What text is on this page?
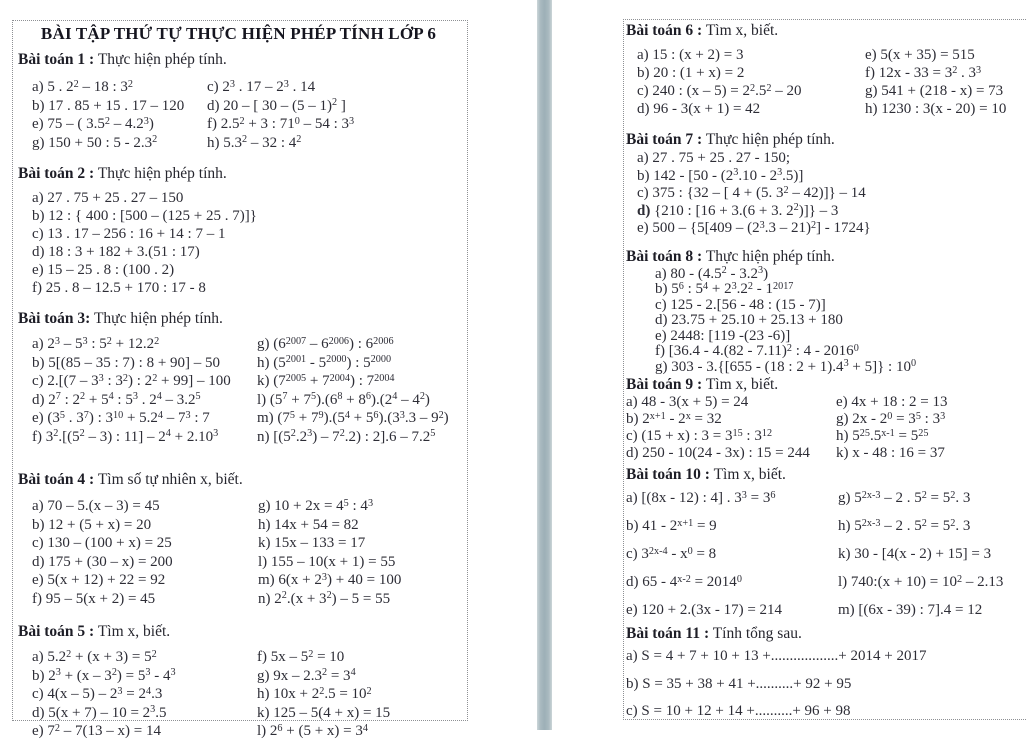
BÀI TẬP THỨ TỰ THỰC HIỆN PHÉP TÍNH LỚP 6
Bài toán 1 : Thực hiện phép tính.
a) 5 . $2^2 - 18$ : $3^2$
b) 17 . 85 + 15 . 17 – 120
e) 75 – ( $3.5^2 - 4.2^3$)
g) 150 + 50 : $5 - 2.3^2$
c) $2^3$ . $17 - 2^3$ . 14
d) 20 – [ 30 – (5 – 1)$^2$ ]
f) $2.5^2 + 3$ : $71^0 - 54$ : $3^3$
h) $5.3^2 - 32$ : $4^2$
Bài toán 2 : Thực hiện phép tính.
a) 27 . 75 + 25 . 27 – 150
b) 12 : { 400 : [500 – (125 + 25 . 7)]}
c) 13 . 17 – 256 : 16 + 14 : 7 – 1
d) 18 : 3 + 182 + 3.(51 : 17)
e) 15 – 25 . 8 : (100 . 2)
f) 25 . 8 – 12.5 + 170 : 17 - 8
Bài toán 3: Thực hiện phép tính.
a) $2^3 - 5^3$ : $5^2 + 12.2^2$
b) 5[(85 – 35 : 7) : 8 + 90] – 50
c) $2.[(7 - 3^3$ : $3^2$) : $2^2 + 99] - 100$
d) $2^7$ : $2^2 + 5^4$ : $5^3$ . $2^4 - 3.2^5$
e) ($3^5$ . $3^7$) : $3^{10} + 5.2^4 - 7^3$ : 7
f) $3^2.[(5^2 - 3)$ : $11] - 2^4 + 2.10^3$
g) $(6^{2007} - 6^{2006})$ : $6^{2006}$
h) $(5^{2001} - 5^{2000})$ : $5^{2000}$
k) $(7^{2005} + 7^{2004})$ : $7^{2004}$
l) $(5^7 + 7^5).(6^8 + 8^6).(2^4 - 4^2)$
m) $(7^5 + 7^9).(5^4 + 5^6).(3^3.3 - 9^2)$
n) $[(5^2.2^3) - 7^2.2)$ : $2].6 - 7.2^5$
Bài toán 4 : Tìm số tự nhiên x, biết.
a) 70 – 5.(x – 3) = 45
b) 12 + (5 + x) = 20
c) 130 – (100 + x) = 25
d) 175 + (30 – x) = 200
e) 5(x + 12) + 22 = 92
f) 95 – 5(x + 2) = 45
g) $10 + 2x = 4^5$ : $4^3$
h) 14x + 54 = 82
k) 15x – 133 = 17
l) 155 – 10(x + 1) = 55
m) $6(x + 2^3) + 40 = 100$
n) $2^2.(x + 3^2) - 5 = 55$
Bài toán 5 : Tìm x, biết.
a) $5.2^2 + (x + 3) = 5^2$
b) $2^3 + (x - 3^2) = 5^3 - 4^3$
c) $4(x - 5) - 2^3 = 2^4.3$
d) $5(x + 7) - 10 = 2^3.5$
e) $7^2 - 7(13 - x) = 14$
f) $5x - 5^2 = 10$
g) $9x - 2.3^2 = 3^4$
h) $10x + 2^2.5 = 10^2$
k) 125 – 5(4 + x) = 15
l) $2^6 + (5 + x) = 3^4$
Bài toán 6 : Tìm x, biết.
a) 15 : (x + 2) = 3
b) 20 : (1 + x) = 2
c) 240 : $(x - 5) = 2^2.5^2 - 20$
d) 96 - 3(x + 1) = 42
e) 5(x + 35) = 515
f) $12x - 33 = 3^2$ . $3^3$
g) 541 + (218 - x) = 73
h) 1230 : 3(x - 20) = 10
Bài toán 7 : Thực hiện phép tính.
a) 27 . 75 + 25 . 27 - 150;
b) $142 - [50 - (2^3.10 - 2^3.5)]$
c) 375 : {32 – [ 4 + (5. $3^2 - 42)]\} - 14$
d) {210 : [16 + 3.(6 + 3. $2^2)]\} - 3$
e) $500 - \{5[409 - (2^3.3 - 21)^2] - 1724\}$
Bài toán 8 : Thực hiện phép tính.
a) $80 - (4.5^2 - 3.2^3)$
b) $5^6$ : $5^4 + 2^3.2^2 - 1^{2017}$
c) 125 - 2.[56 - 48 : (15 - 7)]
d) 23.75 + 25.10 + 25.13 + 180
e) 2448: [119 -(23 -6)]
f) [36.4 - 4.(82 - 7.11)$^2$ : 4 - 2016$^0$
g) 303 - 3.{[655 - (18 : $2 + 1).4^3 + 5$]} : $10^0$
Bài toán 9 : Tìm x, biết.
a) 48 - 3(x + 5) = 24
b) $2^{x+1} - 2^x = 32$
c) (15 + x) : $3 = 3^{15}$ : $3^{12}$
d) 250 - 10(24 - 3x) : 15 = 244
e) 4x + 18 : 2 = 13
g) $2x - 2^0 = 3^5$ : $3^3$
h) $5^{25}.5^{x-1} = 5^{25}$
k) x - 48 : 16 = 37
Bài toán 10 : Tìm x, biết.
a) [(8x - 12) : 4] . $3^3 = 3^6$
b) $41 - 2^{x+1} = 9$
c) $3^{2x-4} - x^0 = 8$
d) $65 - 4^{x-2} = 2014^0$
e) 120 + 2.(3x - 17) = 214
g) $5^{2x-3} - 2$ . $5^2 = 5^2$. 3
h) $5^{2x-3} - 2$ . $5^2 = 5^2$. 3
k) 30 - [4(x - 2) + 15] = 3
l) 740:(x + $10) = 10^2 - 2.13$
m) [(6x - 39) : 7].4 = 12
Bài toán 11 : Tính tổng sau.
a) S = 4 + 7 + 10 + 13 +..................+ 2014 + 2017
b) S = 35 + 38 + 41 +..........+ 92 + 95
c) S = 10 + 12 + 14 +..........+ 96 + 98
